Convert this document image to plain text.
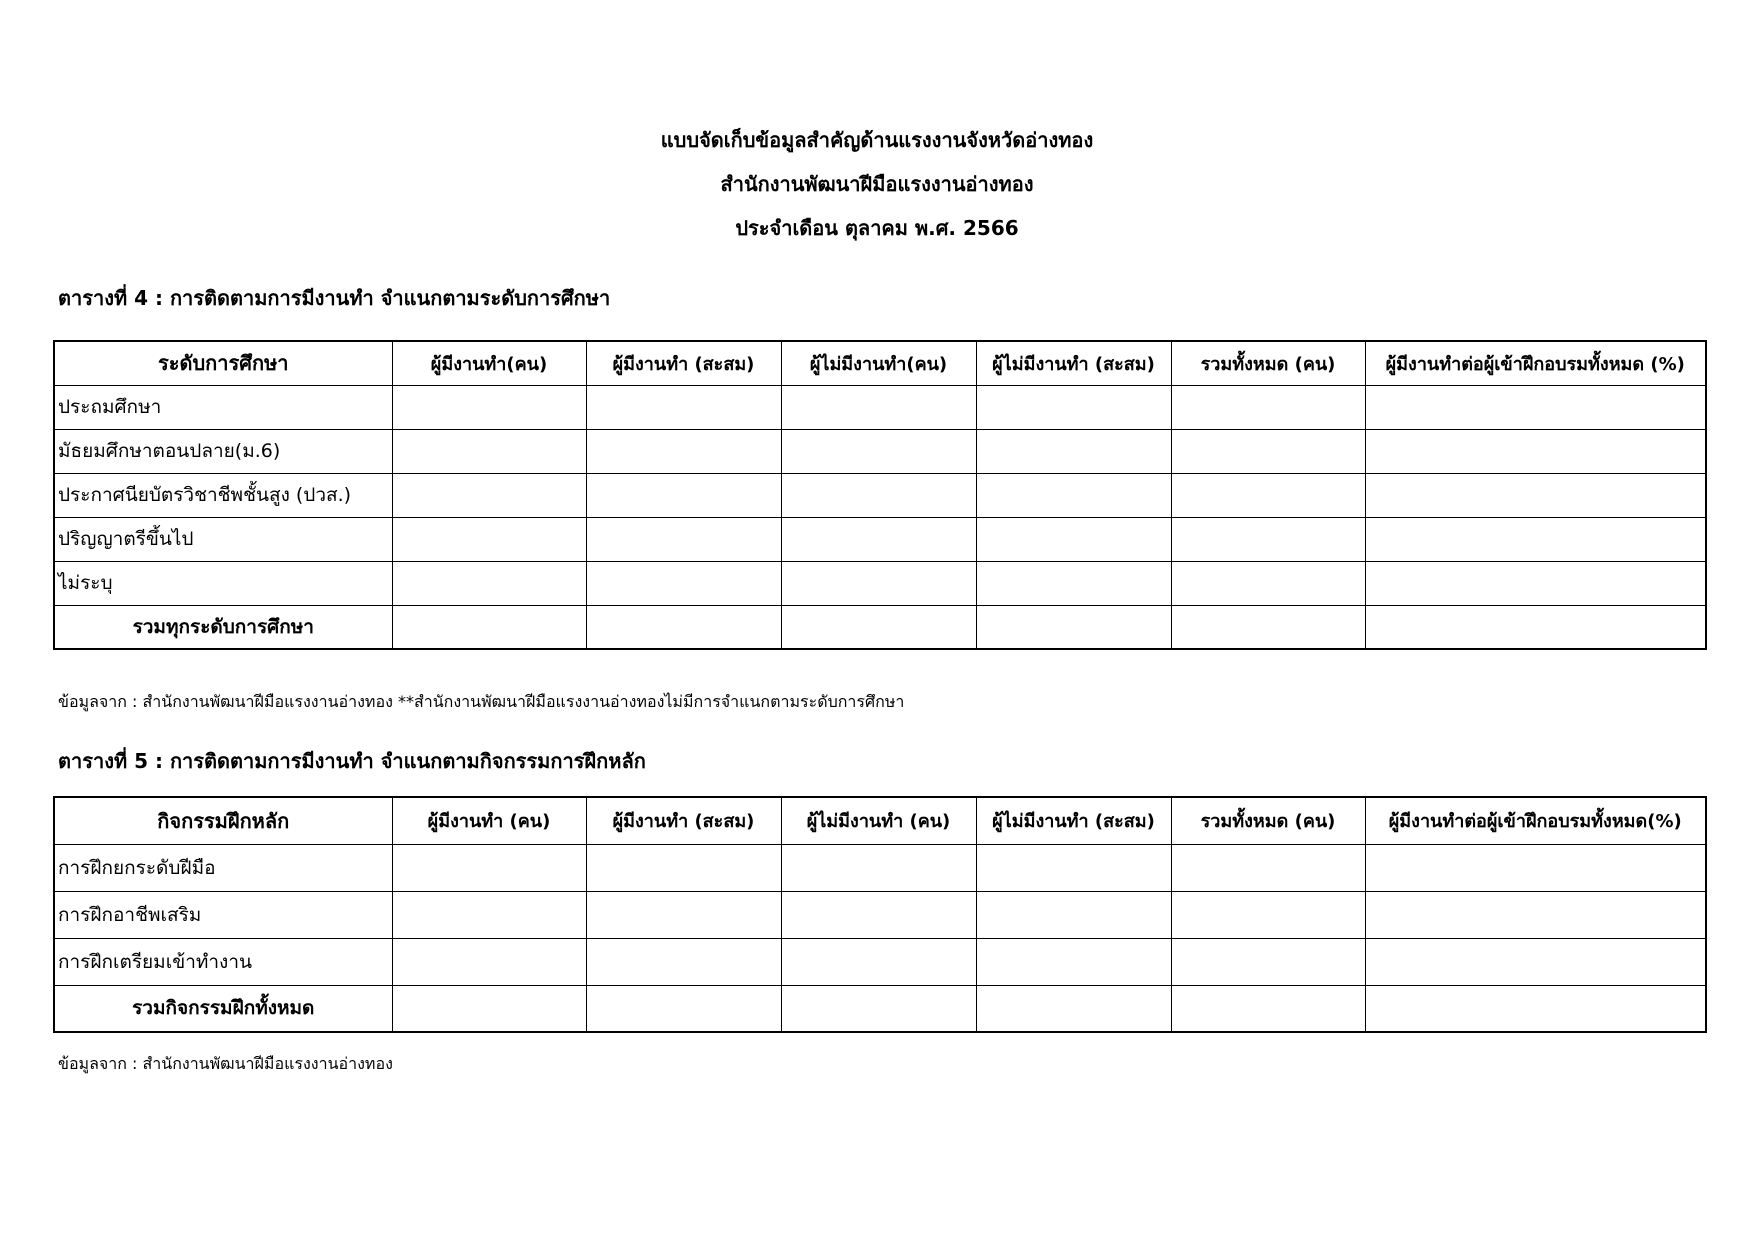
แบบจัดเก็บข้อมูลสำคัญด้านแรงงานจังหวัดอ่างทอง
สำนักงานพัฒนาฝีมือแรงงานอ่างทอง
ประจำเดือน ตุลาคม พ.ศ. 2566
ตารางที่ 4 : การติดตามการมีงานทำ จำแนกตามระดับการศึกษา
ระดับการศึกษา	ผู้มีงานทำ(คน)	ผู้มีงานทำ (สะสม)	ผู้ไม่มีงานทำ(คน)	ผู้ไม่มีงานทำ (สะสม)	รวมทั้งหมด (คน)	ผู้มีงานทำต่อผู้เข้าฝึกอบรมทั้งหมด (%)
ประถมศึกษา						
มัธยมศึกษาตอนปลาย(ม.6)						
ประกาศนียบัตรวิชาชีพชั้นสูง (ปวส.)						
ปริญญาตรีขึ้นไป						
ไม่ระบุ						
รวมทุกระดับการศึกษา						
ข้อมูลจาก : สำนักงานพัฒนาฝีมือแรงงานอ่างทอง **สำนักงานพัฒนาฝีมือแรงงานอ่างทองไม่มีการจำแนกตามระดับการศึกษา
ตารางที่ 5 : การติดตามการมีงานทำ จำแนกตามกิจกรรมการฝึกหลัก
กิจกรรมฝึกหลัก	ผู้มีงานทำ (คน)	ผู้มีงานทำ (สะสม)	ผู้ไม่มีงานทำ (คน)	ผู้ไม่มีงานทำ (สะสม)	รวมทั้งหมด (คน)	ผู้มีงานทำต่อผู้เข้าฝึกอบรมทั้งหมด(%)
การฝึกยกระดับฝีมือ						
การฝึกอาชีพเสริม						
การฝึกเตรียมเข้าทำงาน						
รวมกิจกรรมฝึกทั้งหมด						
ข้อมูลจาก : สำนักงานพัฒนาฝีมือแรงงานอ่างทอง
